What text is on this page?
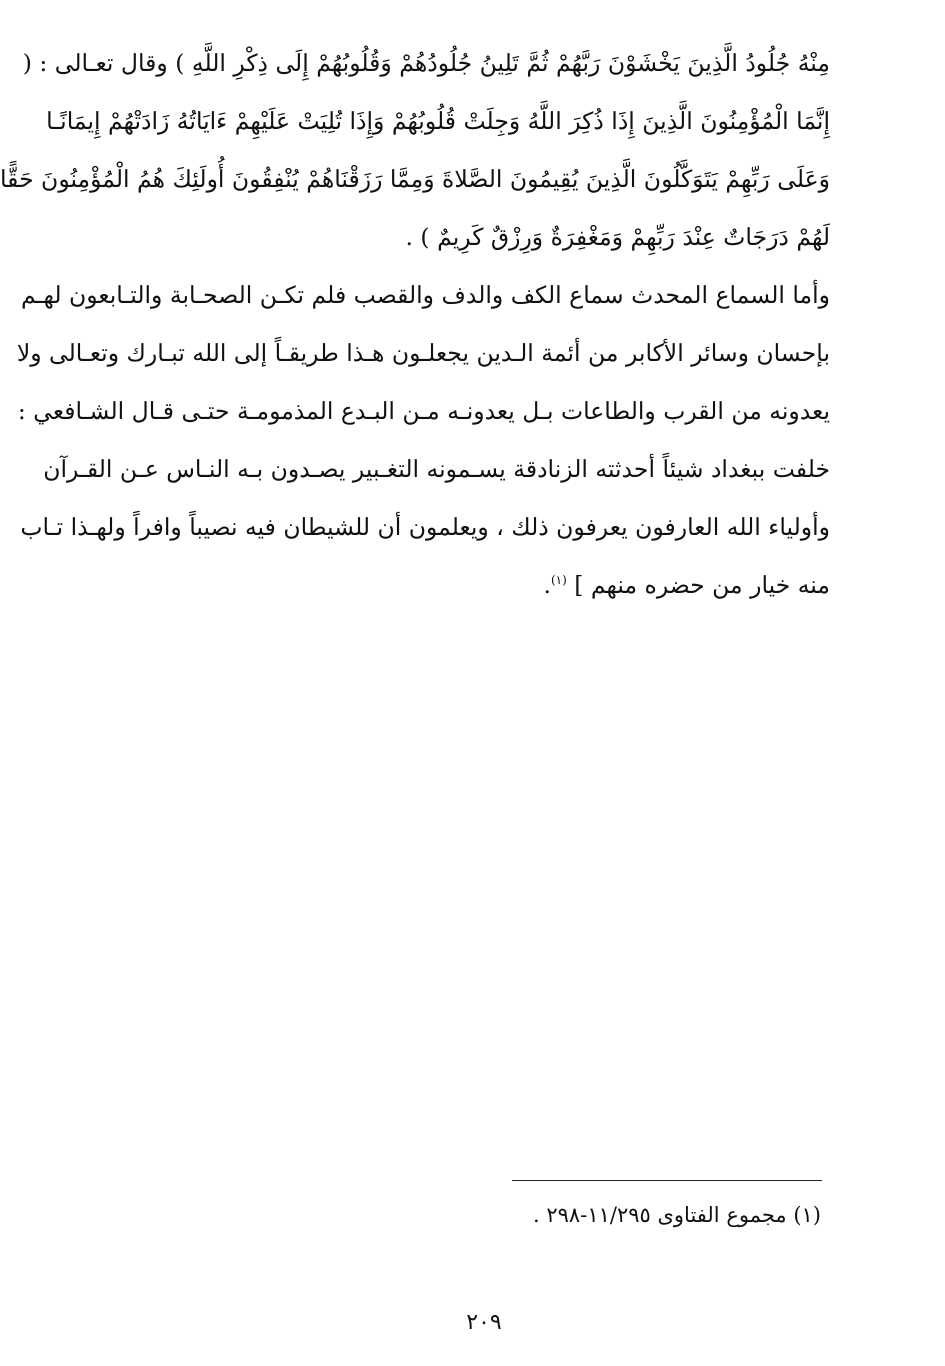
مِنْهُ جُلُودُ الَّذِينَ يَخْشَوْنَ رَبَّهُمْ ثُمَّ تَلِينُ جُلُودُهُمْ وَقُلُوبُهُمْ إِلَى ذِكْرِ اللَّهِ ) وقال تعـالى : (
إِنَّمَا الْمُؤْمِنُونَ الَّذِينَ إِذَا ذُكِرَ اللَّهُ وَجِلَتْ قُلُوبُهُمْ وَإِذَا تُلِيَتْ عَلَيْهِمْ ءَايَاتُهُ زَادَتْهُمْ إِيمَانًـا
وَعَلَى رَبِّهِمْ يَتَوَكَّلُونَ الَّذِينَ يُقِيمُونَ الصَّلاةَ وَمِمَّا رَزَقْنَاهُمْ يُنْفِقُونَ أُولَئِكَ هُمُ الْمُؤْمِنُونَ حَقًّا
لَهُمْ دَرَجَاتٌ عِنْدَ رَبِّهِمْ وَمَغْفِرَةٌ وَرِزْقٌ كَرِيمٌ ) .
وأما السماع المحدث سماع الكف والدف والقصب فلم تكـن الصحـابة والتـابعون لهـم
بإحسان وسائر الأكابر من أئمة الـدين يجعلـون هـذا طريقـاً إلى الله تبـارك وتعـالى ولا
يعدونه من القرب والطاعات بـل يعدونـه مـن البـدع المذمومـة حتـى قـال الشـافعي :
خلفت ببغداد شيئاً أحدثته الزنادقة يسـمونه التغـبير يصـدون بـه النـاس عـن القـرآن
وأولياء الله العارفون يعرفون ذلك ، ويعلمون أن للشيطان فيه نصيباً وافراً ولهـذا تـاب
منه خيار من حضره منهم ] $^{(١)}$.
(١) مجموع الفتاوى ١١/٢٩٥-٢٩٨ .
٢٠٩
